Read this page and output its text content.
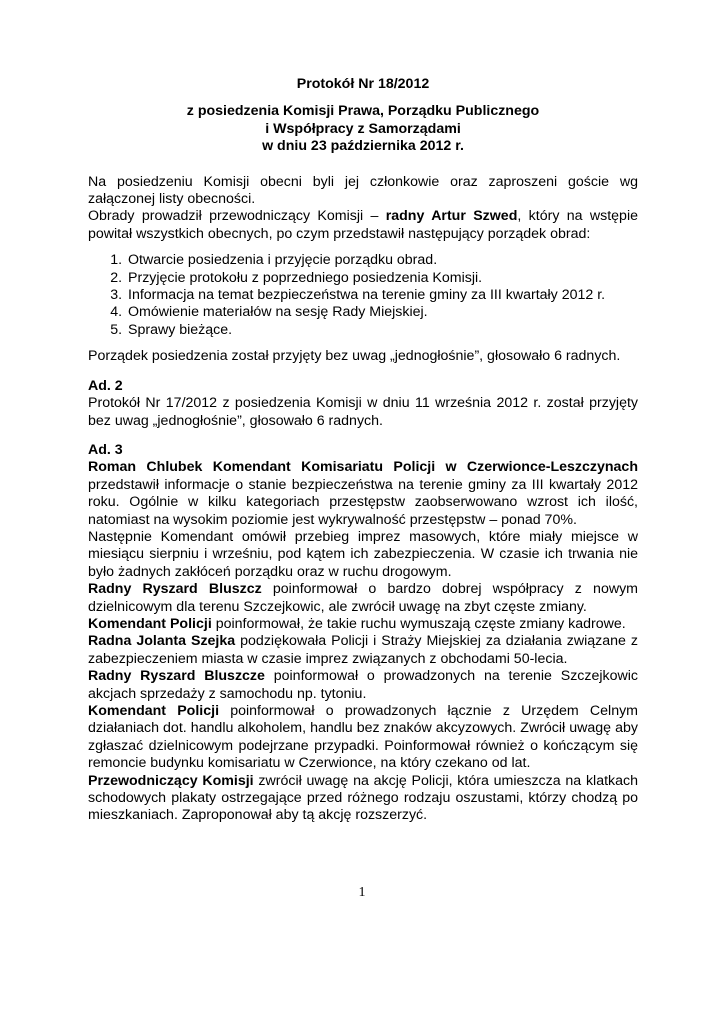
Protokół Nr 18/2012
z posiedzenia Komisji Prawa, Porządku Publicznego
i Współpracy z Samorządami
w dniu 23 października 2012 r.

Na posiedzeniu Komisji obecni byli jej członkowie oraz zaproszeni goście wg załączonej listy obecności.

Obrady prowadził przewodniczący Komisji – radny Artur Szwed, który na wstępie powitał wszystkich obecnych, po czym przedstawił następujący porządek obrad:

1. Otwarcie posiedzenia i przyjęcie porządku obrad.
2. Przyjęcie protokołu z poprzedniego posiedzenia Komisji.
3. Informacja na temat bezpieczeństwa na terenie gminy za III kwartały 2012 r.
4. Omówienie materiałów na sesję Rady Miejskiej.
5. Sprawy bieżące.

Porządek posiedzenia został przyjęty bez uwag „jednogłośnie”, głosowało 6 radnych.

Ad. 2

Protokół Nr 17/2012 z posiedzenia Komisji w dniu 11 września 2012 r. został przyjęty bez uwag „jednogłośnie”, głosowało 6 radnych.

Ad. 3

Roman Chlubek Komendant Komisariatu Policji w Czerwionce-Leszczynach przedstawił informacje o stanie bezpieczeństwa na terenie gminy za III kwartały 2012 roku. Ogólnie w kilku kategoriach przestępstw zaobserwowano wzrost ich ilość, natomiast na wysokim poziomie jest wykrywalność przestępstw – ponad 70%.

Następnie Komendant omówił przebieg imprez masowych, które miały miejsce w miesiącu sierpniu i wrześniu, pod kątem ich zabezpieczenia. W czasie ich trwania nie było żadnych zakłóceń porządku oraz w ruchu drogowym.

Radny Ryszard Bluszcz poinformował o bardzo dobrej współpracy z nowym dzielnicowym dla terenu Szczejkowic, ale zwrócił uwagę na zbyt częste zmiany.

Komendant Policji poinformował, że takie ruchu wymuszają częste zmiany kadrowe.

Radna Jolanta Szejka podziękowała Policji i Straży Miejskiej za działania związane z zabezpieczeniem miasta w czasie imprez związanych z obchodami 50-lecia.

Radny Ryszard Bluszcze poinformował o prowadzonych na terenie Szczejkowic akcjach sprzedaży z samochodu np. tytoniu.

Komendant Policji poinformował o prowadzonych łącznie z Urzędem Celnym działaniach dot. handlu alkoholem, handlu bez znaków akcyzowych. Zwrócił uwagę aby zgłaszać dzielnicowym podejrzane przypadki. Poinformował również o kończącym się remoncie budynku komisariatu w Czerwionce, na który czekano od lat.

Przewodniczący Komisji zwrócił uwagę na akcję Policji, która umieszcza na klatkach schodowych plakaty ostrzegające przed różnego rodzaju oszustami, którzy chodzą po mieszkaniach. Zaproponował aby tą akcję rozszerzyć.

1
